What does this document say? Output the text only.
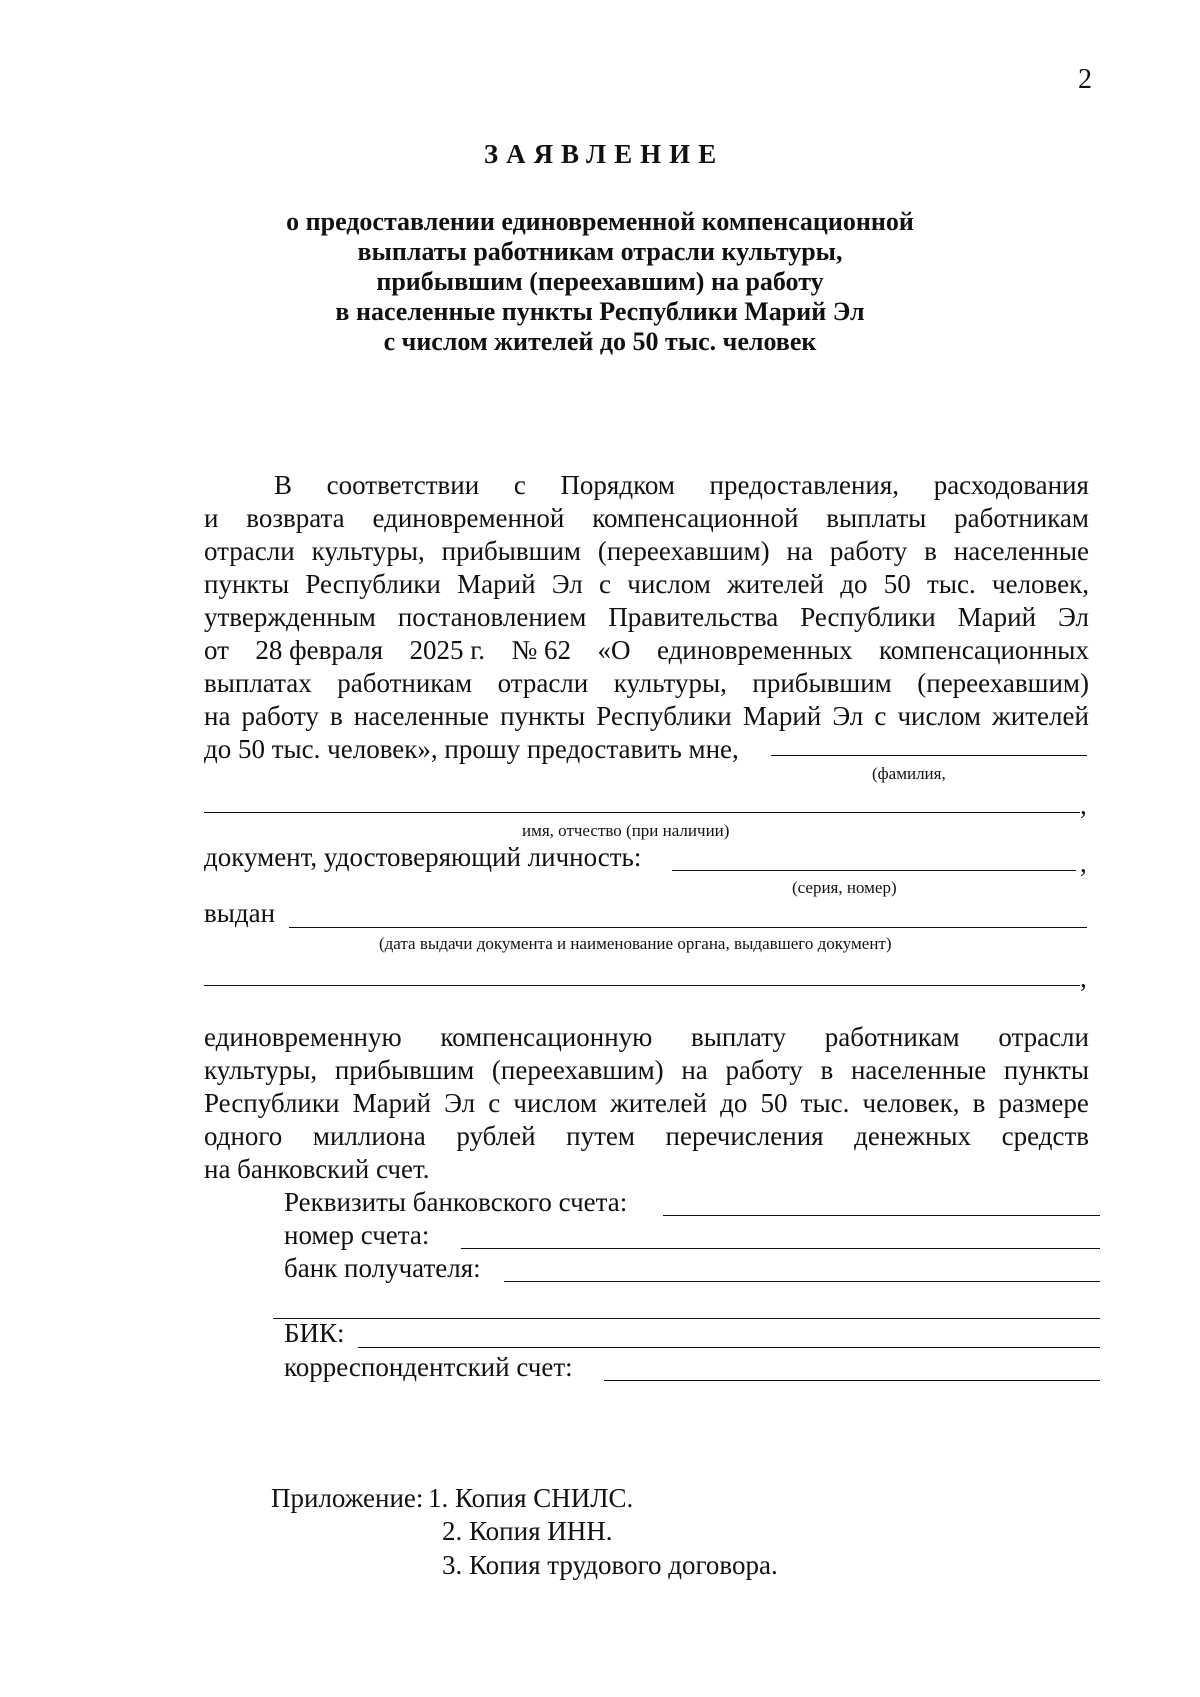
2
ЗАЯВЛЕНИЕ
о предоставлении единовременной компенсационной
выплаты работникам отрасли культуры,
прибывшим (переехавшим) на работу
в населенные пункты Республики Марий Эл
с числом жителей до 50 тыс. человек
В соответствии с Порядком предоставления, расходования
и возврата единовременной компенсационной выплаты работникам
отрасли культуры, прибывшим (переехавшим) на работу в населенные
пункты Республики Марий Эл с числом жителей до 50 тыс. человек,
утвержденным постановлением Правительства Республики Марий Эл
от 28 февраля 2025 г. № 62 «О единовременных компенсационных
выплатах работникам отрасли культуры, прибывшим (переехавшим)
на работу в населенные пункты Республики Марий Эл с числом жителей
до 50 тыс. человек», прошу предоставить мне,
(фамилия,
,
имя, отчество (при наличии)
документ, удостоверяющий личность:	,
(серия, номер)
выдан
(дата выдачи документа и наименование органа, выдавшего документ)
,
единовременную компенсационную выплату работникам отрасли
культуры, прибывшим (переехавшим) на работу в населенные пункты
Республики Марий Эл с числом жителей до 50 тыс. человек, в размере
одного миллиона рублей путем перечисления денежных средств
на банковский счет.
Реквизиты банковского счета:
номер счета:
банк получателя:
БИК:
корреспондентский счет:
Приложение: 1. Копия СНИЛС.
2. Копия ИНН.
3. Копия трудового договора.
